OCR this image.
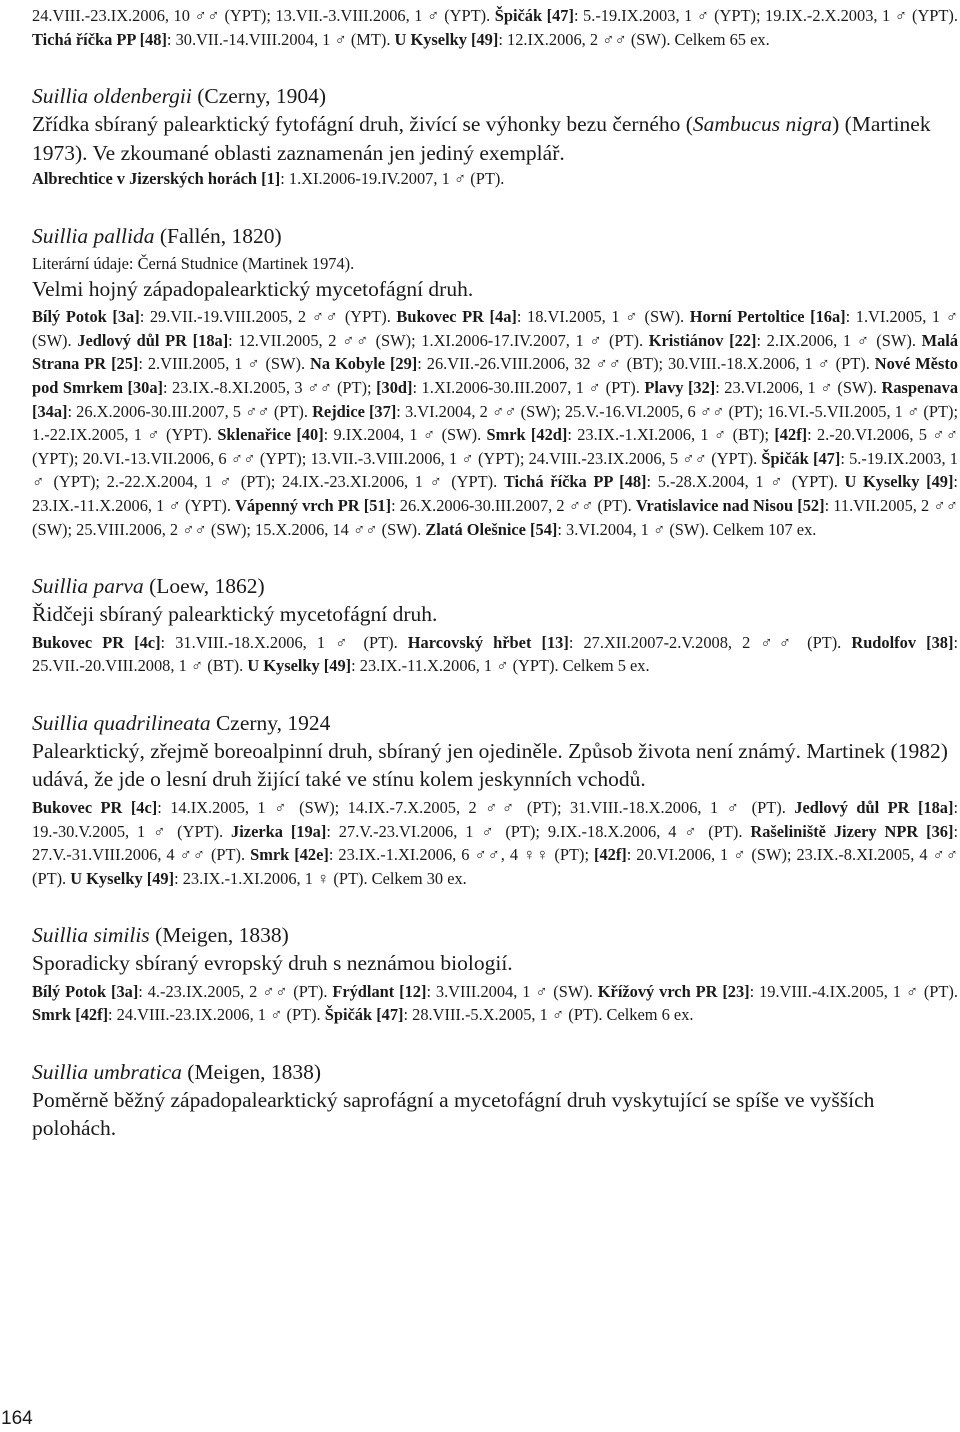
24.VIII.-23.IX.2006, 10 ♂♂ (YPT); 13.VII.-3.VIII.2006, 1 ♂ (YPT). Špičák [47]: 5.-19.IX.2003, 1 ♂ (YPT); 19.IX.-2.X.2003, 1 ♂ (YPT). Tichá říčka PP [48]: 30.VII.-14.VIII.2004, 1 ♂ (MT). U Kyselky [49]: 12.IX.2006, 2 ♂♂ (SW). Celkem 65 ex.

Suillia oldenbergii (Czerny, 1904)

Zřídka sbíraný palearktický fytofágní druh, živící se výhonky bezu černého (Sambucus nigra) (Martinek 1973). Ve zkoumané oblasti zaznamenán jen jediný exemplář.

Albrechtice v Jizerských horách [1]: 1.XI.2006-19.IV.2007, 1 ♂ (PT).

Suillia pallida (Fallén, 1820)

Literární údaje: Černá Studnice (Martinek 1974).

Velmi hojný západopalearktický mycetofágní druh.

Bílý Potok [3a]: 29.VII.-19.VIII.2005, 2 ♂♂ (YPT). Bukovec PR [4a]: 18.VI.2005, 1 ♂ (SW). Horní Pertoltice [16a]: 1.VI.2005, 1 ♂ (SW). Jedlový důl PR [18a]: 12.VII.2005, 2 ♂♂ (SW); 1.XI.2006-17.IV.2007, 1 ♂ (PT). Kristiánov [22]: 2.IX.2006, 1 ♂ (SW). Malá Strana PR [25]: 2.VIII.2005, 1 ♂ (SW). Na Kobyle [29]: 26.VII.-26.VIII.2006, 32 ♂♂ (BT); 30.VIII.-18.X.2006, 1 ♂ (PT). Nové Město pod Smrkem [30a]: 23.IX.-8.XI.2005, 3 ♂♂ (PT); [30d]: 1.XI.2006-30.III.2007, 1 ♂ (PT). Plavy [32]: 23.VI.2006, 1 ♂ (SW). Raspenava [34a]: 26.X.2006-30.III.2007, 5 ♂♂ (PT). Rejdice [37]: 3.VI.2004, 2 ♂♂ (SW); 25.V.-16.VI.2005, 6 ♂♂ (PT); 16.VI.-5.VII.2005, 1 ♂ (PT); 1.-22.IX.2005, 1 ♂ (YPT). Sklenařice [40]: 9.IX.2004, 1 ♂ (SW). Smrk [42d]: 23.IX.-1.XI.2006, 1 ♂ (BT); [42f]: 2.-20.VI.2006, 5 ♂♂ (YPT); 20.VI.-13.VII.2006, 6 ♂♂ (YPT); 13.VII.-3.VIII.2006, 1 ♂ (YPT); 24.VIII.-23.IX.2006, 5 ♂♂ (YPT). Špičák [47]: 5.-19.IX.2003, 1 ♂ (YPT); 2.-22.X.2004, 1 ♂ (PT); 24.IX.-23.XI.2006, 1 ♂ (YPT). Tichá říčka PP [48]: 5.-28.X.2004, 1 ♂ (YPT). U Kyselky [49]: 23.IX.-11.X.2006, 1 ♂ (YPT). Vápenný vrch PR [51]: 26.X.2006-30.III.2007, 2 ♂♂ (PT). Vratislavice nad Nisou [52]: 11.VII.2005, 2 ♂♂ (SW); 25.VIII.2006, 2 ♂♂ (SW); 15.X.2006, 14 ♂♂ (SW). Zlatá Olešnice [54]: 3.VI.2004, 1 ♂ (SW). Celkem 107 ex.

Suillia parva (Loew, 1862)

Řidčeji sbíraný palearktický mycetofágní druh.

Bukovec PR [4c]: 31.VIII.-18.X.2006, 1 ♂ (PT). Harcovský hřbet [13]: 27.XII.2007-2.V.2008, 2 ♂♂ (PT). Rudolfov [38]: 25.VII.-20.VIII.2008, 1 ♂ (BT). U Kyselky [49]: 23.IX.-11.X.2006, 1 ♂ (YPT). Celkem 5 ex.

Suillia quadrilineata Czerny, 1924

Palearktický, zřejmě boreoalpinní druh, sbíraný jen ojediněle. Způsob života není známý. Martinek (1982) udává, že jde o lesní druh žijící také ve stínu kolem jeskynních vchodů.

Bukovec PR [4c]: 14.IX.2005, 1 ♂ (SW); 14.IX.-7.X.2005, 2 ♂♂ (PT); 31.VIII.-18.X.2006, 1 ♂ (PT). Jedlový důl PR [18a]: 19.-30.V.2005, 1 ♂ (YPT). Jizerka [19a]: 27.V.-23.VI.2006, 1 ♂ (PT); 9.IX.-18.X.2006, 4 ♂ (PT). Rašeliniště Jizery NPR [36]: 27.V.-31.VIII.2006, 4 ♂♂ (PT). Smrk [42e]: 23.IX.-1.XI.2006, 6 ♂♂, 4 ♀♀ (PT); [42f]: 20.VI.2006, 1 ♂ (SW); 23.IX.-8.XI.2005, 4 ♂♂ (PT). U Kyselky [49]: 23.IX.-1.XI.2006, 1 ♀ (PT). Celkem 30 ex.

Suillia similis (Meigen, 1838)

Sporadicky sbíraný evropský druh s neznámou biologií.

Bílý Potok [3a]: 4.-23.IX.2005, 2 ♂♂ (PT). Frýdlant [12]: 3.VIII.2004, 1 ♂ (SW). Křížový vrch PR [23]: 19.VIII.-4.IX.2005, 1 ♂ (PT). Smrk [42f]: 24.VIII.-23.IX.2006, 1 ♂ (PT). Špičák [47]: 28.VIII.-5.X.2005, 1 ♂ (PT). Celkem 6 ex.

Suillia umbratica (Meigen, 1838)

Poměrně běžný západopalearktický saprofágní a mycetofágní druh vyskytující se spíše ve vyšších polohách.

164
